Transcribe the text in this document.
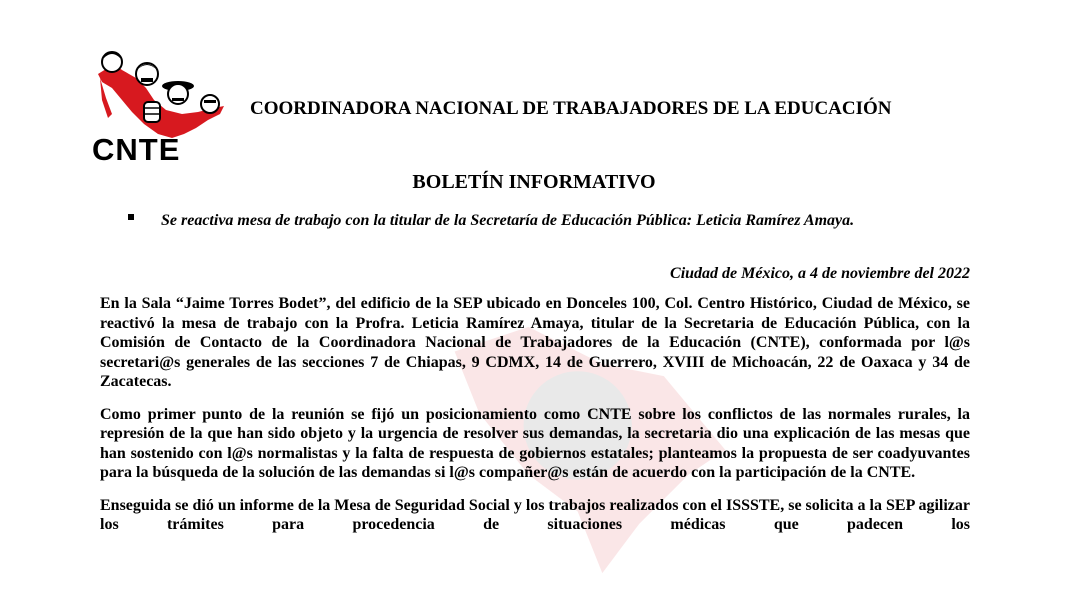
CNTE
COORDINADORA NACIONAL DE TRABAJADORES DE LA EDUCACIÓN
BOLETÍN INFORMATIVO
Se reactiva mesa de trabajo con la titular de la Secretaría de Educación Pública: Leticia Ramírez Amaya.
Ciudad de México, a 4 de noviembre del 2022

En la Sala “Jaime Torres Bodet”, del edificio de la SEP ubicado en Donceles 100, Col. Centro Histórico, Ciudad de México, se reactivó la mesa de trabajo con la Profra. Leticia Ramírez Amaya, titular de la Secretaria de Educación Pública, con la Comisión de Contacto de la Coordinadora Nacional de Trabajadores de la Educación (CNTE), conformada por l@s secretari@s generales de las secciones 7 de Chiapas, 9 CDMX, 14 de Guerrero, XVIII de Michoacán, 22 de Oaxaca y 34 de Zacatecas.

Como primer punto de la reunión se fijó un posicionamiento como CNTE sobre los conflictos de las normales rurales, la represión de la que han sido objeto y la urgencia de resolver sus demandas, la secretaria dio una explicación de las mesas que han sostenido con l@s normalistas y la falta de respuesta de gobiernos estatales; planteamos la propuesta de ser coadyuvantes para la búsqueda de la solución de las demandas si l@s compañer@s están de acuerdo con la participación de la CNTE.

Enseguida se dió un informe de la Mesa de Seguridad Social y los trabajos realizados con el ISSSTE, se solicita a la SEP agilizar los trámites para procedencia de situaciones médicas que padecen los
